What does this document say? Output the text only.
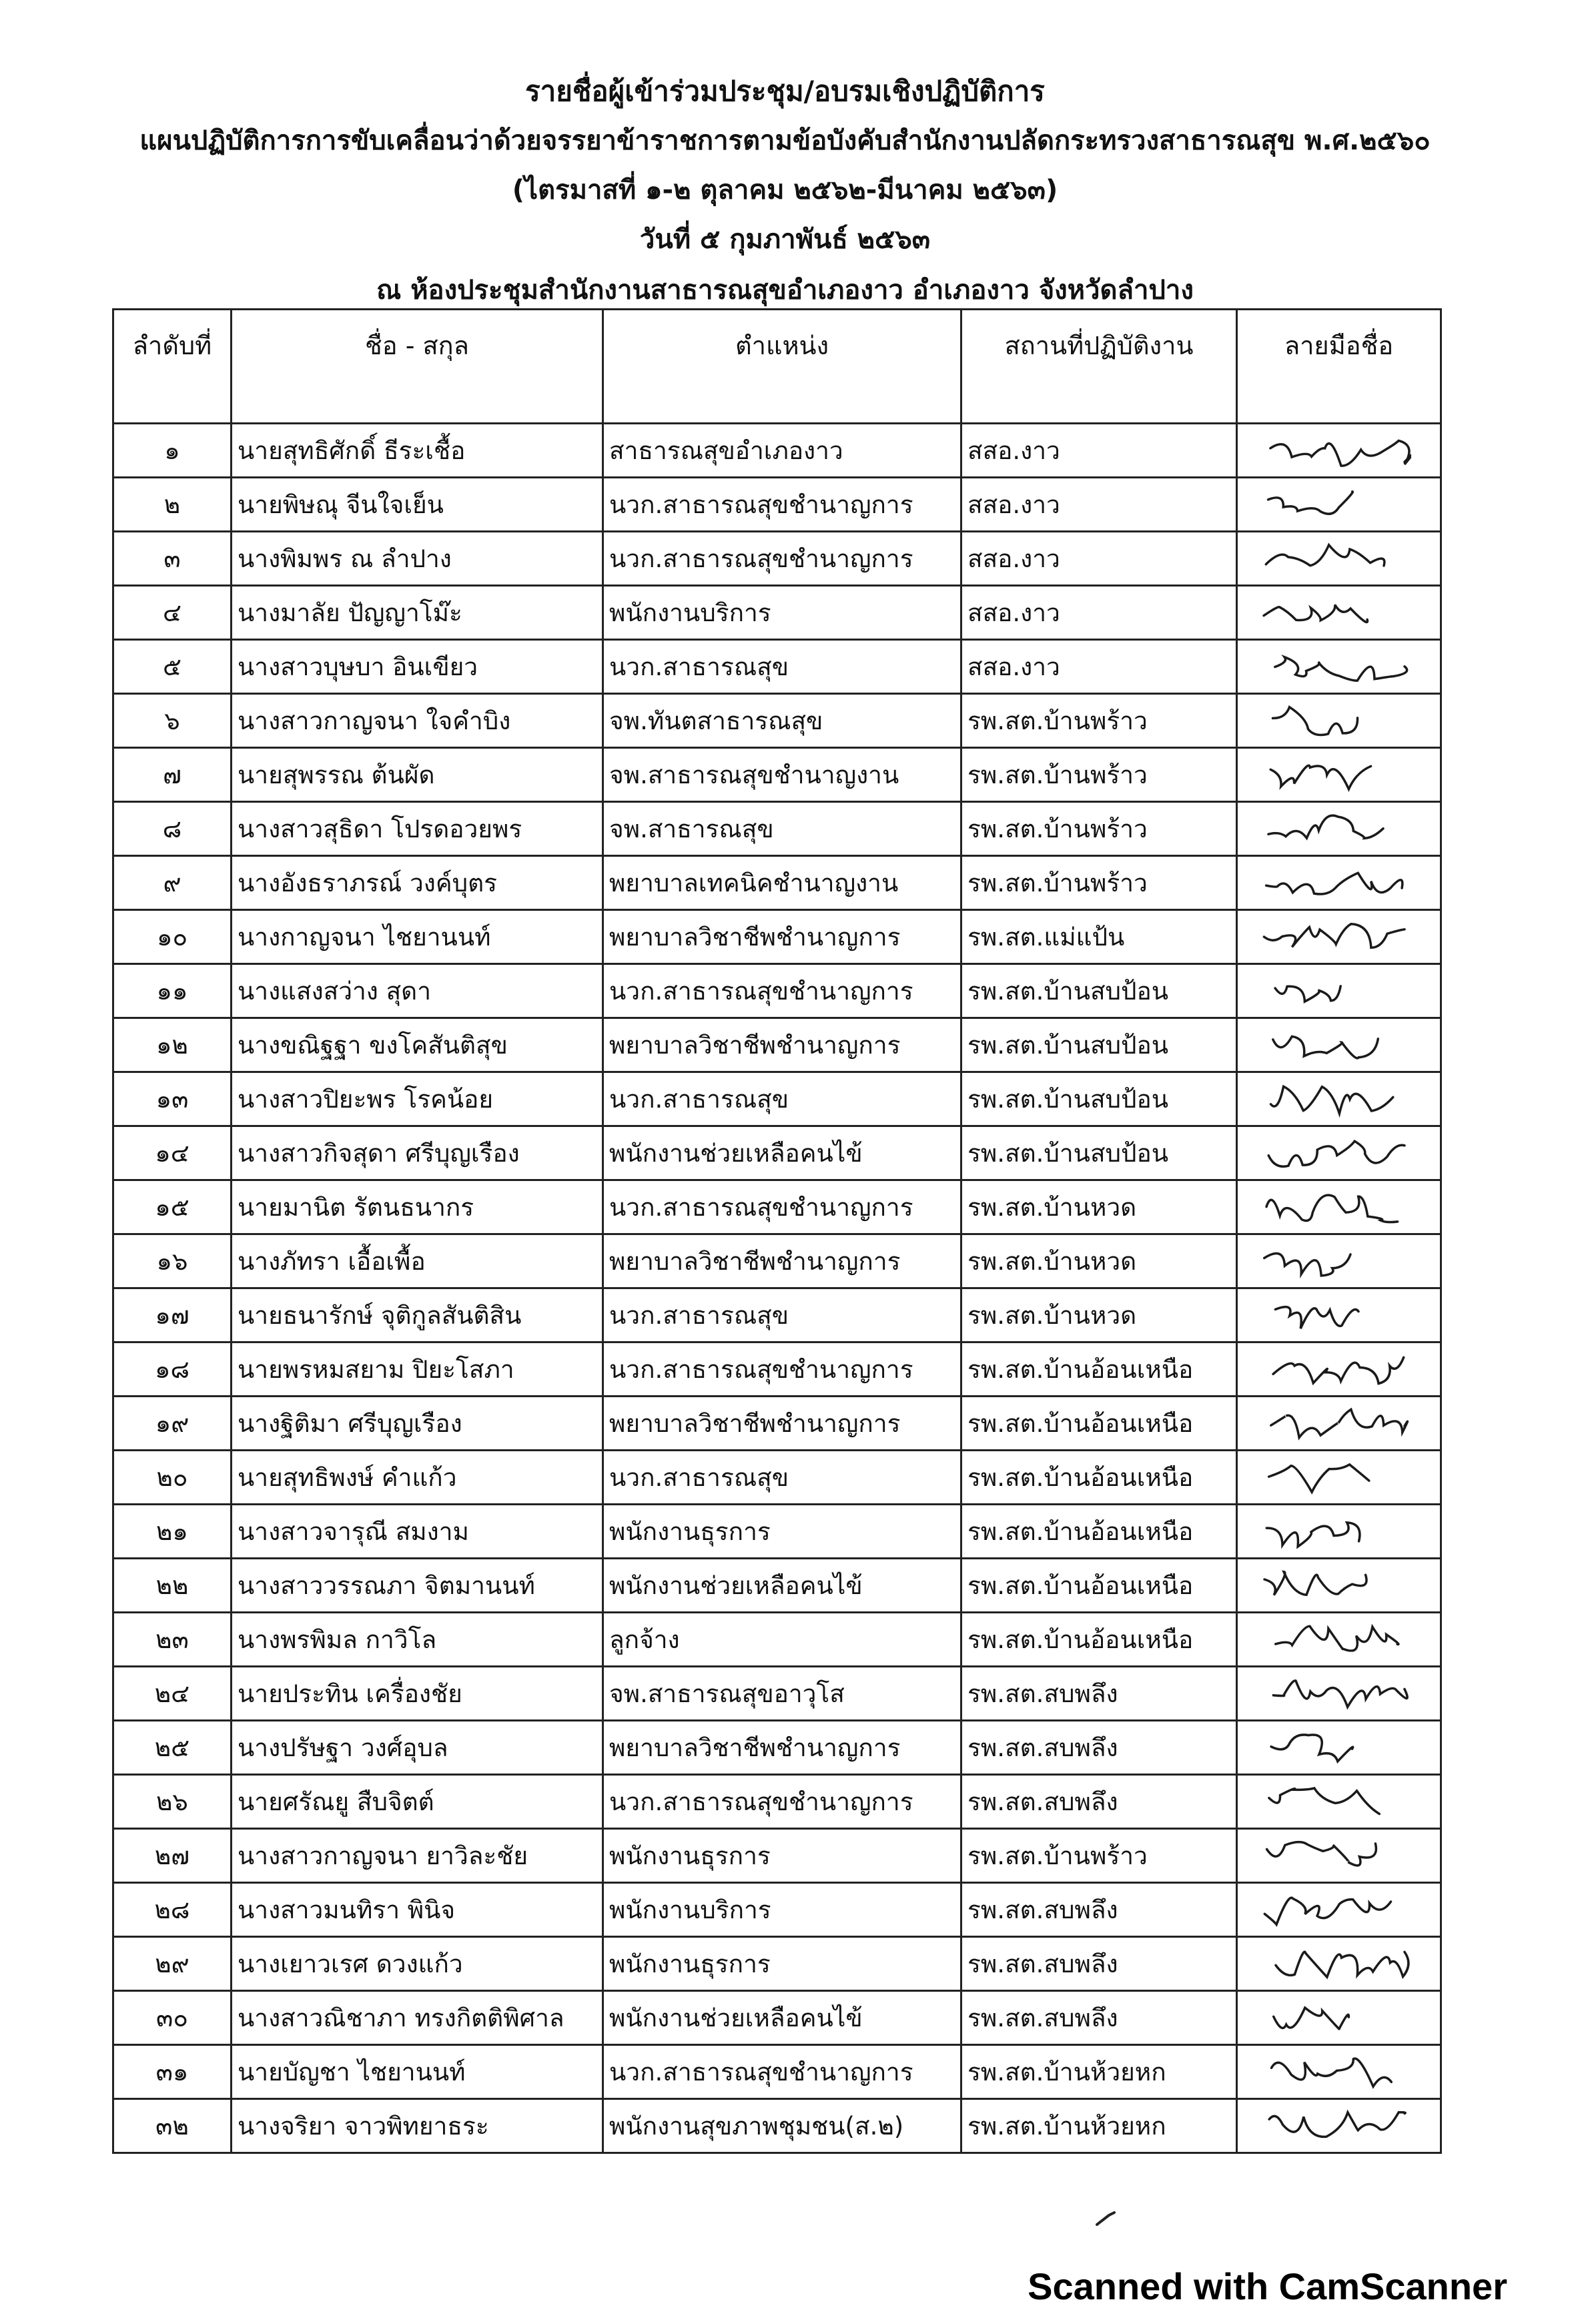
รายชื่อผู้เข้าร่วมประชุม/อบรมเชิงปฏิบัติการ
แผนปฏิบัติการการขับเคลื่อนว่าด้วยจรรยาข้าราชการตามข้อบังคับสำนักงานปลัดกระทรวงสาธารณสุข พ.ศ.๒๕๖๐
(ไตรมาสที่ ๑-๒ ตุลาคม ๒๕๖๒-มีนาคม ๒๕๖๓)
วันที่ ๕ กุมภาพันธ์ ๒๕๖๓
ณ ห้องประชุมสำนักงานสาธารณสุขอำเภองาว อำเภองาว จังหวัดลำปาง
ลำดับที่	ชื่อ - สกุล	ตำแหน่ง	สถานที่ปฏิบัติงาน	ลายมือชื่อ
๑	นายสุทธิศักดิ์ ธีระเชื้อ	สาธารณสุขอำเภองาว	สสอ.งาว	

๒	นายพิษณุ จีนใจเย็น	นวก.สาธารณสุขชำนาญการ	สสอ.งาว	

๓	นางพิมพร ณ ลำปาง	นวก.สาธารณสุขชำนาญการ	สสอ.งาว	

๔	นางมาลัย ปัญญาโม๊ะ	พนักงานบริการ	สสอ.งาว	

๕	นางสาวบุษบา อินเขียว	นวก.สาธารณสุข	สสอ.งาว	

๖	นางสาวกาญจนา ใจคำบิง	จพ.ทันตสาธารณสุข	รพ.สต.บ้านพร้าว	

๗	นายสุพรรณ ต้นผัด	จพ.สาธารณสุขชำนาญงาน	รพ.สต.บ้านพร้าว	

๘	นางสาวสุธิดา โปรดอวยพร	จพ.สาธารณสุข	รพ.สต.บ้านพร้าว	

๙	นางอังธราภรณ์ วงค์บุตร	พยาบาลเทคนิคชำนาญงาน	รพ.สต.บ้านพร้าว	

๑๐	นางกาญจนา ไชยานนท์	พยาบาลวิชาชีพชำนาญการ	รพ.สต.แม่แป้น	

๑๑	นางแสงสว่าง สุดา	นวก.สาธารณสุขชำนาญการ	รพ.สต.บ้านสบป้อน	

๑๒	นางขณิฐฐา ขงโคสันติสุข	พยาบาลวิชาชีพชำนาญการ	รพ.สต.บ้านสบป้อน	

๑๓	นางสาวปิยะพร โรคน้อย	นวก.สาธารณสุข	รพ.สต.บ้านสบป้อน	

๑๔	นางสาวกิจสุดา ศรีบุญเรือง	พนักงานช่วยเหลือคนไข้	รพ.สต.บ้านสบป้อน	

๑๕	นายมานิต รัตนธนากร	นวก.สาธารณสุขชำนาญการ	รพ.สต.บ้านหวด	

๑๖	นางภัทรา เอื้อเพื้อ	พยาบาลวิชาชีพชำนาญการ	รพ.สต.บ้านหวด	

๑๗	นายธนารักษ์ จุติกูลสันติสิน	นวก.สาธารณสุข	รพ.สต.บ้านหวด	

๑๘	นายพรหมสยาม ปิยะโสภา	นวก.สาธารณสุขชำนาญการ	รพ.สต.บ้านอ้อนเหนือ	

๑๙	นางฐิติมา ศรีบุญเรือง	พยาบาลวิชาชีพชำนาญการ	รพ.สต.บ้านอ้อนเหนือ	

๒๐	นายสุทธิพงษ์ คำแก้ว	นวก.สาธารณสุข	รพ.สต.บ้านอ้อนเหนือ	

๒๑	นางสาวจารุณี สมงาม	พนักงานธุรการ	รพ.สต.บ้านอ้อนเหนือ	

๒๒	นางสาววรรณภา จิตมานนท์	พนักงานช่วยเหลือคนไข้	รพ.สต.บ้านอ้อนเหนือ	

๒๓	นางพรพิมล กาวิโล	ลูกจ้าง	รพ.สต.บ้านอ้อนเหนือ	

๒๔	นายประทิน เครื่องชัย	จพ.สาธารณสุขอาวุโส	รพ.สต.สบพลึง	

๒๕	นางปรัษฐา วงศ์อุบล	พยาบาลวิชาชีพชำนาญการ	รพ.สต.สบพลึง	

๒๖	นายศรัณยู สืบจิตต์	นวก.สาธารณสุขชำนาญการ	รพ.สต.สบพลึง	

๒๗	นางสาวกาญจนา ยาวิละชัย	พนักงานธุรการ	รพ.สต.บ้านพร้าว	

๒๘	นางสาวมนทิรา พินิจ	พนักงานบริการ	รพ.สต.สบพลึง	

๒๙	นางเยาวเรศ ดวงแก้ว	พนักงานธุรการ	รพ.สต.สบพลึง	

๓๐	นางสาวณิชาภา ทรงกิตติพิศาล	พนักงานช่วยเหลือคนไข้	รพ.สต.สบพลึง	

๓๑	นายบัญชา ไชยานนท์	นวก.สาธารณสุขชำนาญการ	รพ.สต.บ้านห้วยหก	

๓๒	นางจริยา จาวพิทยาธระ	พนักงานสุขภาพชุมชน(ส.๒)	รพ.สต.บ้านห้วยหก	
Scanned with CamScanner
